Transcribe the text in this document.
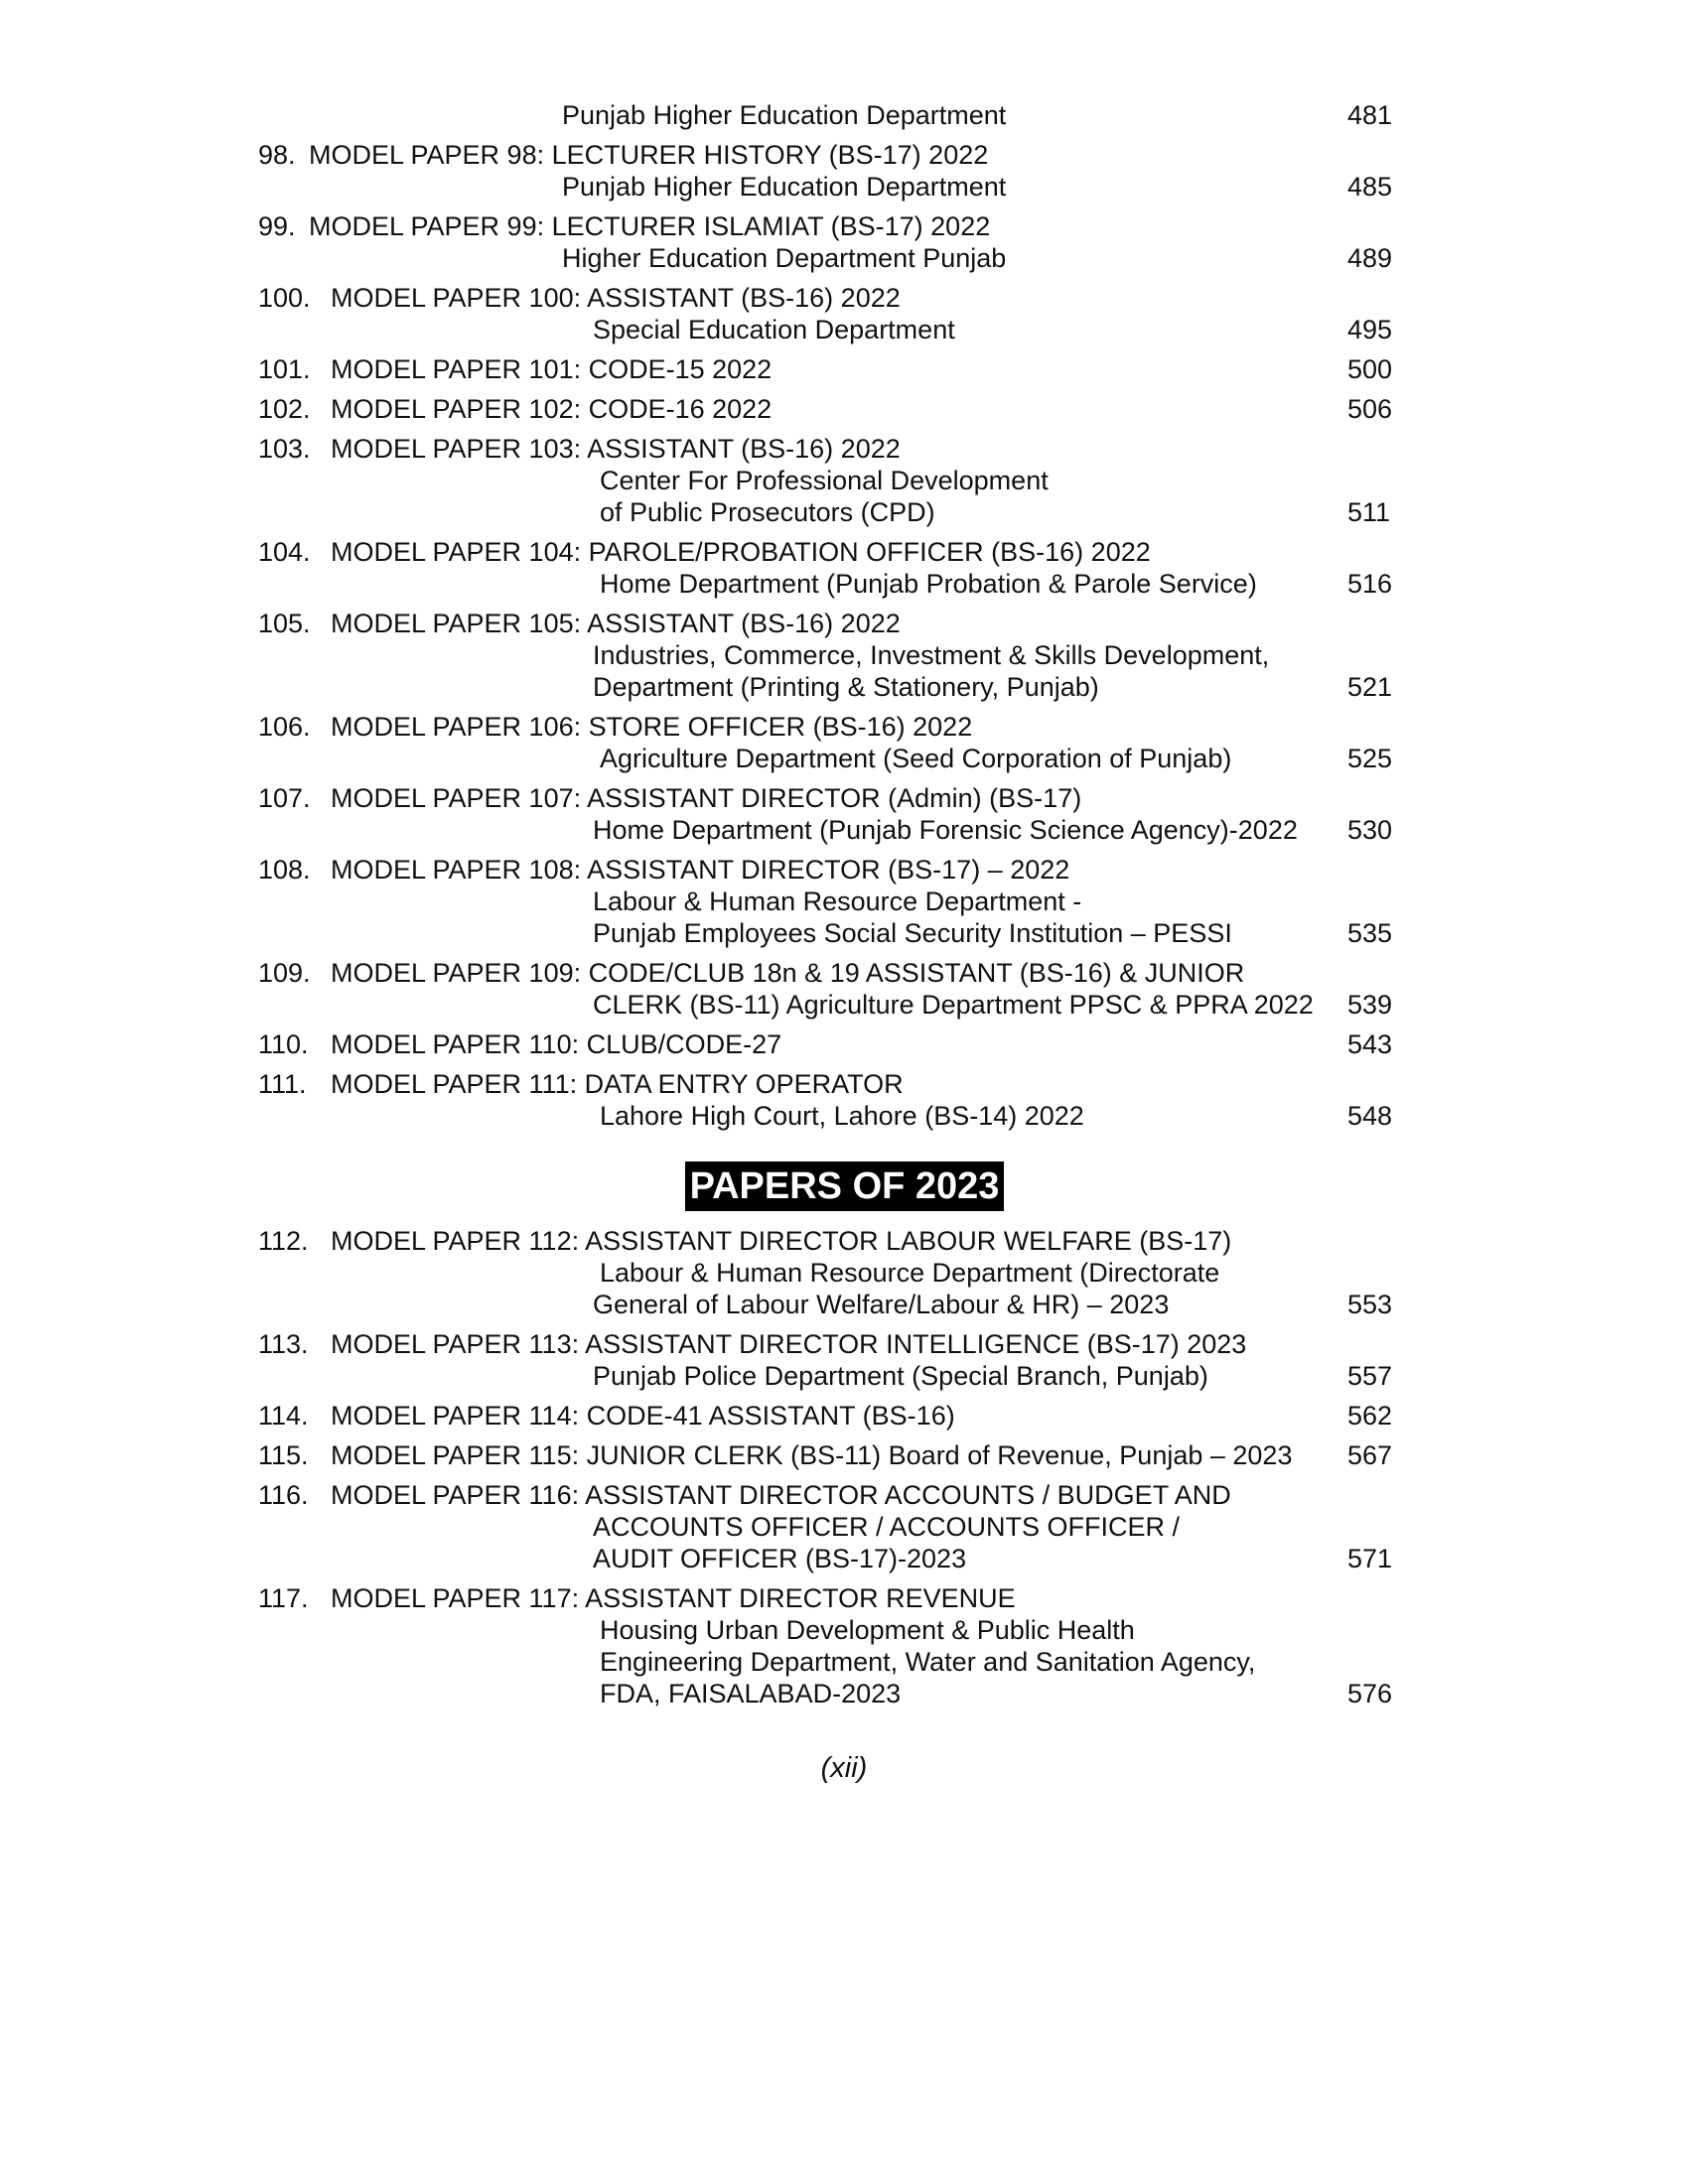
Punjab Higher Education Department	481
98. MODEL PAPER 98: LECTURER HISTORY (BS-17) 2022
Punjab Higher Education Department	485
99. MODEL PAPER 99: LECTURER ISLAMIAT (BS-17) 2022
Higher Education Department Punjab	489
100. MODEL PAPER 100: ASSISTANT (BS-16) 2022
Special Education Department	495
101. MODEL PAPER 101: CODE-15 2022	500
102. MODEL PAPER 102: CODE-16 2022	506
103. MODEL PAPER 103: ASSISTANT (BS-16) 2022
Center For Professional Development
of Public Prosecutors (CPD)	511
104. MODEL PAPER 104: PAROLE/PROBATION OFFICER (BS-16) 2022
Home Department (Punjab Probation & Parole Service)	516
105. MODEL PAPER 105: ASSISTANT (BS-16) 2022
Industries, Commerce, Investment & Skills Development,
Department (Printing & Stationery, Punjab)	521
106. MODEL PAPER 106: STORE OFFICER (BS-16) 2022
Agriculture Department (Seed Corporation of Punjab)	525
107. MODEL PAPER 107: ASSISTANT DIRECTOR (Admin) (BS-17)
Home Department (Punjab Forensic Science Agency)-2022 530
108. MODEL PAPER 108: ASSISTANT DIRECTOR (BS-17) – 2022
Labour & Human Resource Department -
Punjab Employees Social Security Institution – PESSI	535
109. MODEL PAPER 109: CODE/CLUB 18n & 19 ASSISTANT (BS-16) & JUNIOR
CLERK (BS-11) Agriculture Department PPSC & PPRA 2022 539
110. MODEL PAPER 110: CLUB/CODE-27	543
111. MODEL PAPER 111: DATA ENTRY OPERATOR
Lahore High Court, Lahore (BS-14) 2022	548
PAPERS OF 2023
112. MODEL PAPER 112: ASSISTANT DIRECTOR LABOUR WELFARE (BS-17)
Labour & Human Resource Department (Directorate
General of Labour Welfare/Labour & HR) – 2023	553
113. MODEL PAPER 113: ASSISTANT DIRECTOR INTELLIGENCE (BS-17) 2023
Punjab Police Department (Special Branch, Punjab)	557
114. MODEL PAPER 114: CODE-41 ASSISTANT (BS-16)	562
115. MODEL PAPER 115: JUNIOR CLERK (BS-11) Board of Revenue, Punjab – 2023 567
116. MODEL PAPER 116: ASSISTANT DIRECTOR ACCOUNTS / BUDGET AND
ACCOUNTS OFFICER / ACCOUNTS OFFICER /
AUDIT OFFICER (BS-17)-2023	571
117. MODEL PAPER 117: ASSISTANT DIRECTOR REVENUE
Housing Urban Development & Public Health
Engineering Department, Water and Sanitation Agency,
FDA, FAISALABAD-2023	576
(xii)
